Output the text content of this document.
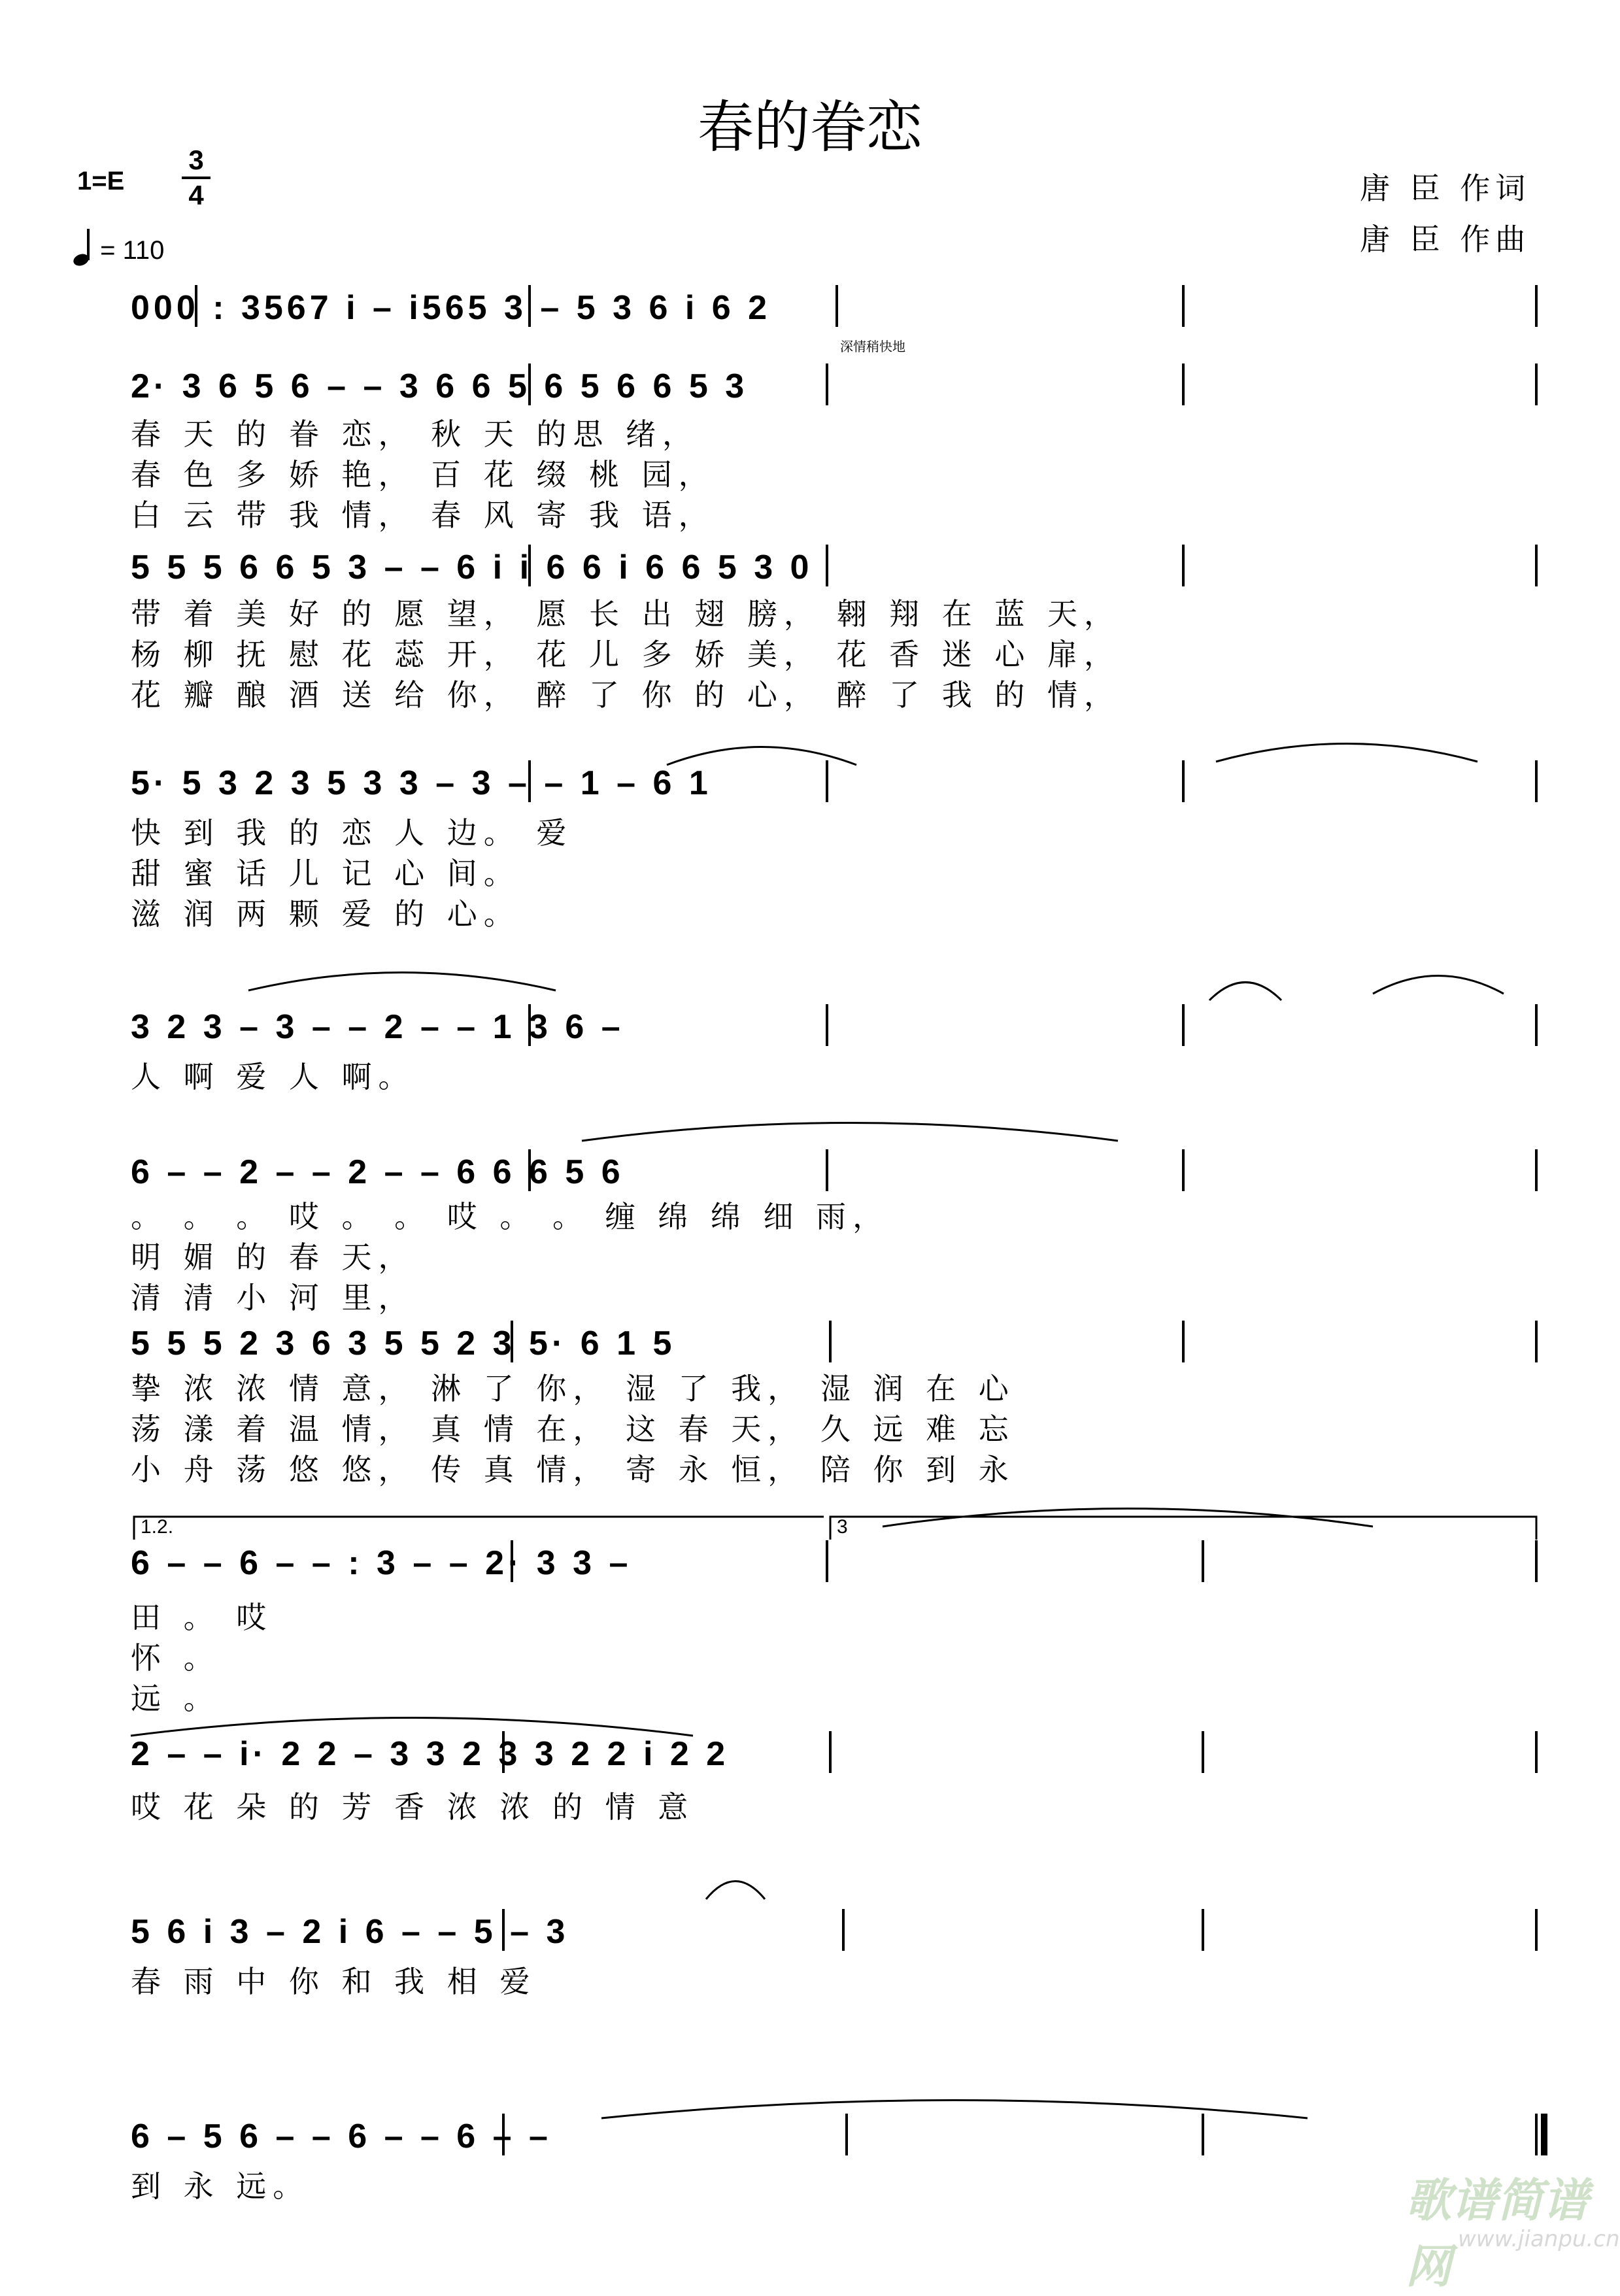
春的眷恋
1=E
3
4
= 110
唐 臣 作词
唐 臣 作曲
000 : 3567 i – i565 3 – 5 3 6 i 6 2
2· 3 6 5 6 – – 3 6 6 5 6 5 6 6 5 3
春 天 的 眷 恋， 秋 天 的思 绪，
春 色 多 娇 艳， 百 花 缀 桃 园，
白 云 带 我 情， 春 风 寄 我 语，
5 5 5 6 6 5 3 – – 6 i i 6 6 i 6 6 5 3 0
带 着 美 好 的 愿 望， 愿 长 出 翅 膀， 翱 翔 在 蓝 天，
杨 柳 抚 慰 花 蕊 开， 花 儿 多 娇 美， 花 香 迷 心 扉，
花 瓣 酿 酒 送 给 你， 醉 了 你 的 心， 醉 了 我 的 情，
5· 5 3 2 3 5 3 3 – 3 – – 1 – 6 1
快 到 我 的 恋 人 边。 爱
甜 蜜 话 儿 记 心 间。
滋 润 两 颗 爱 的 心。
3 2 3 – 3 – – 2 – – 1 3 6 –
人 啊 爱 人 啊。
6 – – 2 – – 2 – – 6 6 6 5 6
。 。 。 哎 。 。 哎 。 。 缠 绵 绵 细 雨，
明 媚 的 春 天，
清 清 小 河 里，
5 5 5 2 3 6 3 5 5 2 3 5· 6 1 5
挚 浓 浓 情 意， 淋 了 你， 湿 了 我， 湿 润 在 心
荡 漾 着 温 情， 真 情 在， 这 春 天， 久 远 难 忘
小 舟 荡 悠 悠， 传 真 情， 寄 永 恒， 陪 你 到 永
6 – – 6 – – : 3 – – 2· 3 3 –
田 。 哎
怀 。
远 。
2 – – i· 2 2 – 3 3 2 3 3 2 2 i 2 2
哎 花 朵 的 芳 香 浓 浓 的 情 意
5 6 i 3 – 2 i 6 – – 5 – 3
春 雨 中 你 和 我 相 爱
6 – 5 6 – – 6 – – 6 – –
到 永 远。
深情稍快地
1.2.	3
歌谱简谱网
www.jianpu.cn
